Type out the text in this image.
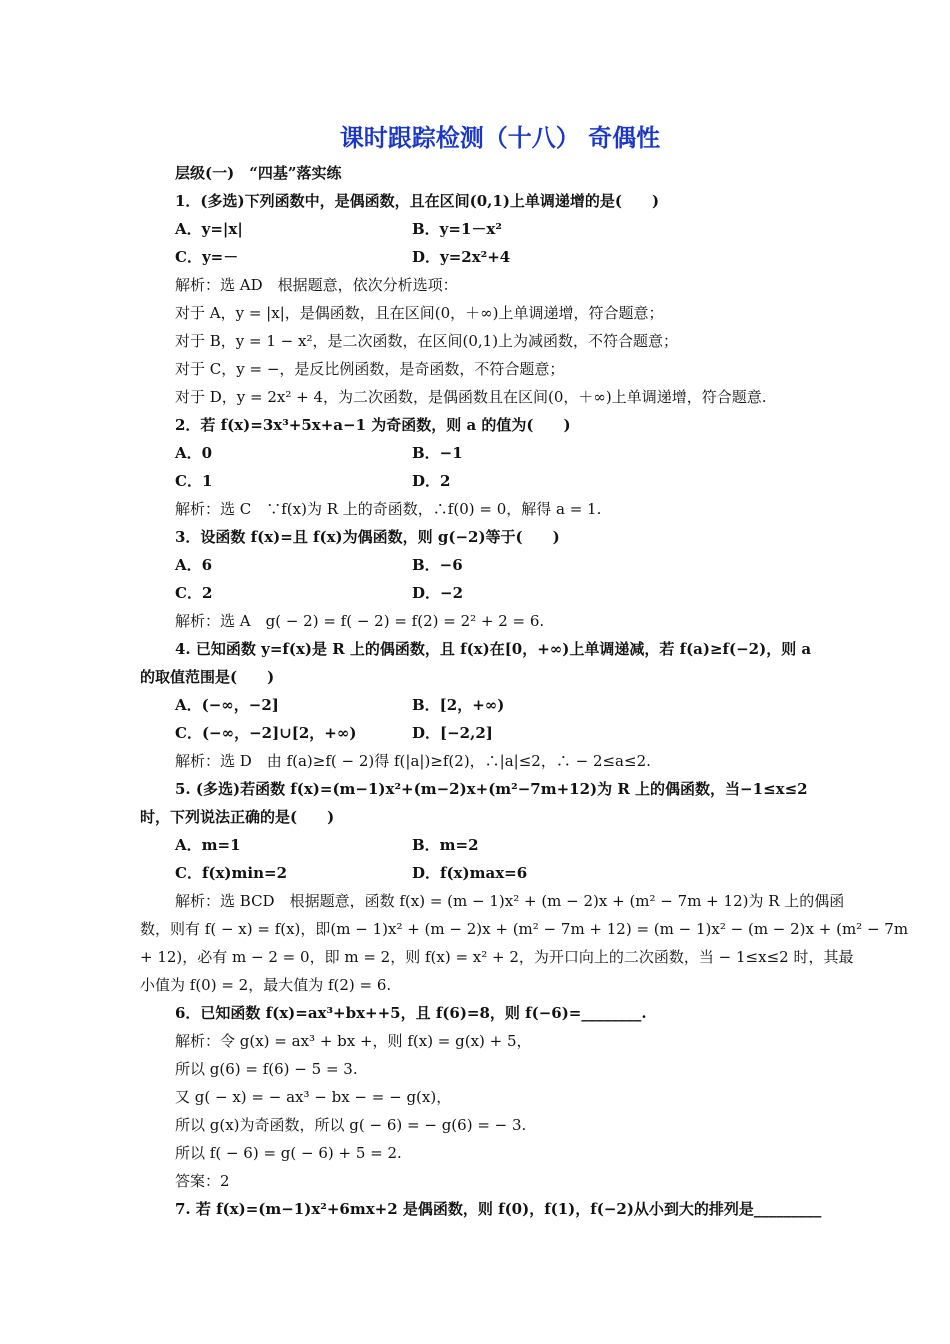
课时跟踪检测（十八） 奇偶性
层级(一)　“四基”落实练
1．(多选)下列函数中，是偶函数，且在区间(0,1)上单调递增的是(　　)
A．y=|x|	B．y=1－x²
C．y=－	D．y=2x²+4
解析：选 AD　根据题意，依次分析选项：
对于 A，y = |x|，是偶函数，且在区间(0，＋∞)上单调递增，符合题意；
对于 B，y = 1 − x²，是二次函数，在区间(0,1)上为减函数，不符合题意；
对于 C，y = −，是反比例函数，是奇函数，不符合题意；
对于 D，y = 2x² + 4，为二次函数，是偶函数且在区间(0，＋∞)上单调递增，符合题意.
2．若 f(x)=3x³+5x+a−1 为奇函数，则 a 的值为(　　)
A．0	B．−1
C．1	D．2
解析：选 C　∵f(x)为 R 上的奇函数，∴f(0) = 0，解得 a = 1.
3．设函数 f(x)=且 f(x)为偶函数，则 g(−2)等于(　　)
A．6	B．−6
C．2	D．−2
解析：选 A　g( − 2) = f( − 2) = f(2) = 2² + 2 = 6.
4. 已知函数 y=f(x)是 R 上的偶函数，且 f(x)在[0，+∞)上单调递减，若 f(a)≥f(−2)，则 a
的取值范围是(　　)
A．(−∞，−2]	B．[2，+∞)
C．(−∞，−2]∪[2，+∞)	D．[−2,2]
解析：选 D　由 f(a)≥f( − 2)得 f(|a|)≥f(2)，∴|a|≤2，∴ − 2≤a≤2.
5. (多选)若函数 f(x)=(m−1)x²+(m−2)x+(m²−7m+12)为 R 上的偶函数，当−1≤x≤2
时，下列说法正确的是(　　)
A．m=1	B．m=2
C．f(x)min=2	D．f(x)max=6
解析：选 BCD　根据题意，函数 f(x) = (m − 1)x² + (m − 2)x + (m² − 7m + 12)为 R 上的偶函
数，则有 f( − x) = f(x)，即(m − 1)x² + (m − 2)x + (m² − 7m + 12) = (m − 1)x² − (m − 2)x + (m² − 7m
+ 12)，必有 m − 2 = 0，即 m = 2，则 f(x) = x² + 2，为开口向上的二次函数，当 − 1≤x≤2 时，其最
小值为 f(0) = 2，最大值为 f(2) = 6.
6．已知函数 f(x)=ax³+bx++5，且 f(6)=8，则 f(−6)=________.
解析：令 g(x) = ax³ + bx +，则 f(x) = g(x) + 5，
所以 g(6) = f(6) − 5 = 3.
又 g( − x) = − ax³ − bx − = − g(x)，
所以 g(x)为奇函数，所以 g( − 6) = − g(6) = − 3.
所以 f( − 6) = g( − 6) + 5 = 2.
答案：2
7. 若 f(x)=(m−1)x²+6mx+2 是偶函数，则 f(0)，f(1)，f(−2)从小到大的排列是_________
